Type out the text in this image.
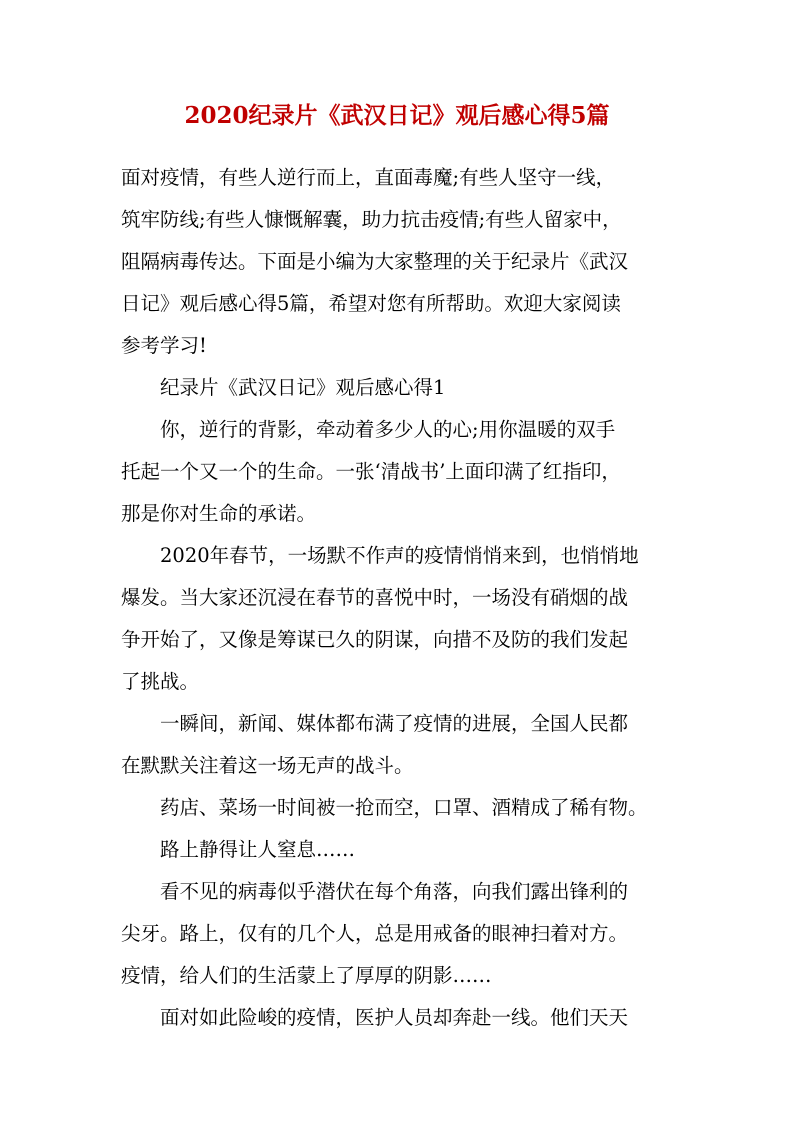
2020纪录片《武汉日记》观后感心得5篇
面对疫情，有些人逆行而上，直面毒魔;有些人坚守一线，
筑牢防线;有些人慷慨解囊，助力抗击疫情;有些人留家中，
阻隔病毒传达。下面是小编为大家整理的关于纪录片《武汉
日记》观后感心得5篇，希望对您有所帮助。欢迎大家阅读
参考学习!
纪录片《武汉日记》观后感心得1
你，逆行的背影，牵动着多少人的心;用你温暖的双手
托起一个又一个的生命。一张‘清战书’上面印满了红指印，
那是你对生命的承诺。
2020年春节，一场默不作声的疫情悄悄来到，也悄悄地
爆发。当大家还沉浸在春节的喜悦中时，一场没有硝烟的战
争开始了，又像是筹谋已久的阴谋，向措不及防的我们发起
了挑战。
一瞬间，新闻、媒体都布满了疫情的进展，全国人民都
在默默关注着这一场无声的战斗。
药店、菜场一时间被一抢而空，口罩、酒精成了稀有物。
路上静得让人窒息……
看不见的病毒似乎潜伏在每个角落，向我们露出锋利的
尖牙。路上，仅有的几个人，总是用戒备的眼神扫着对方。
疫情，给人们的生活蒙上了厚厚的阴影……
面对如此险峻的疫情，医护人员却奔赴一线。他们天天
